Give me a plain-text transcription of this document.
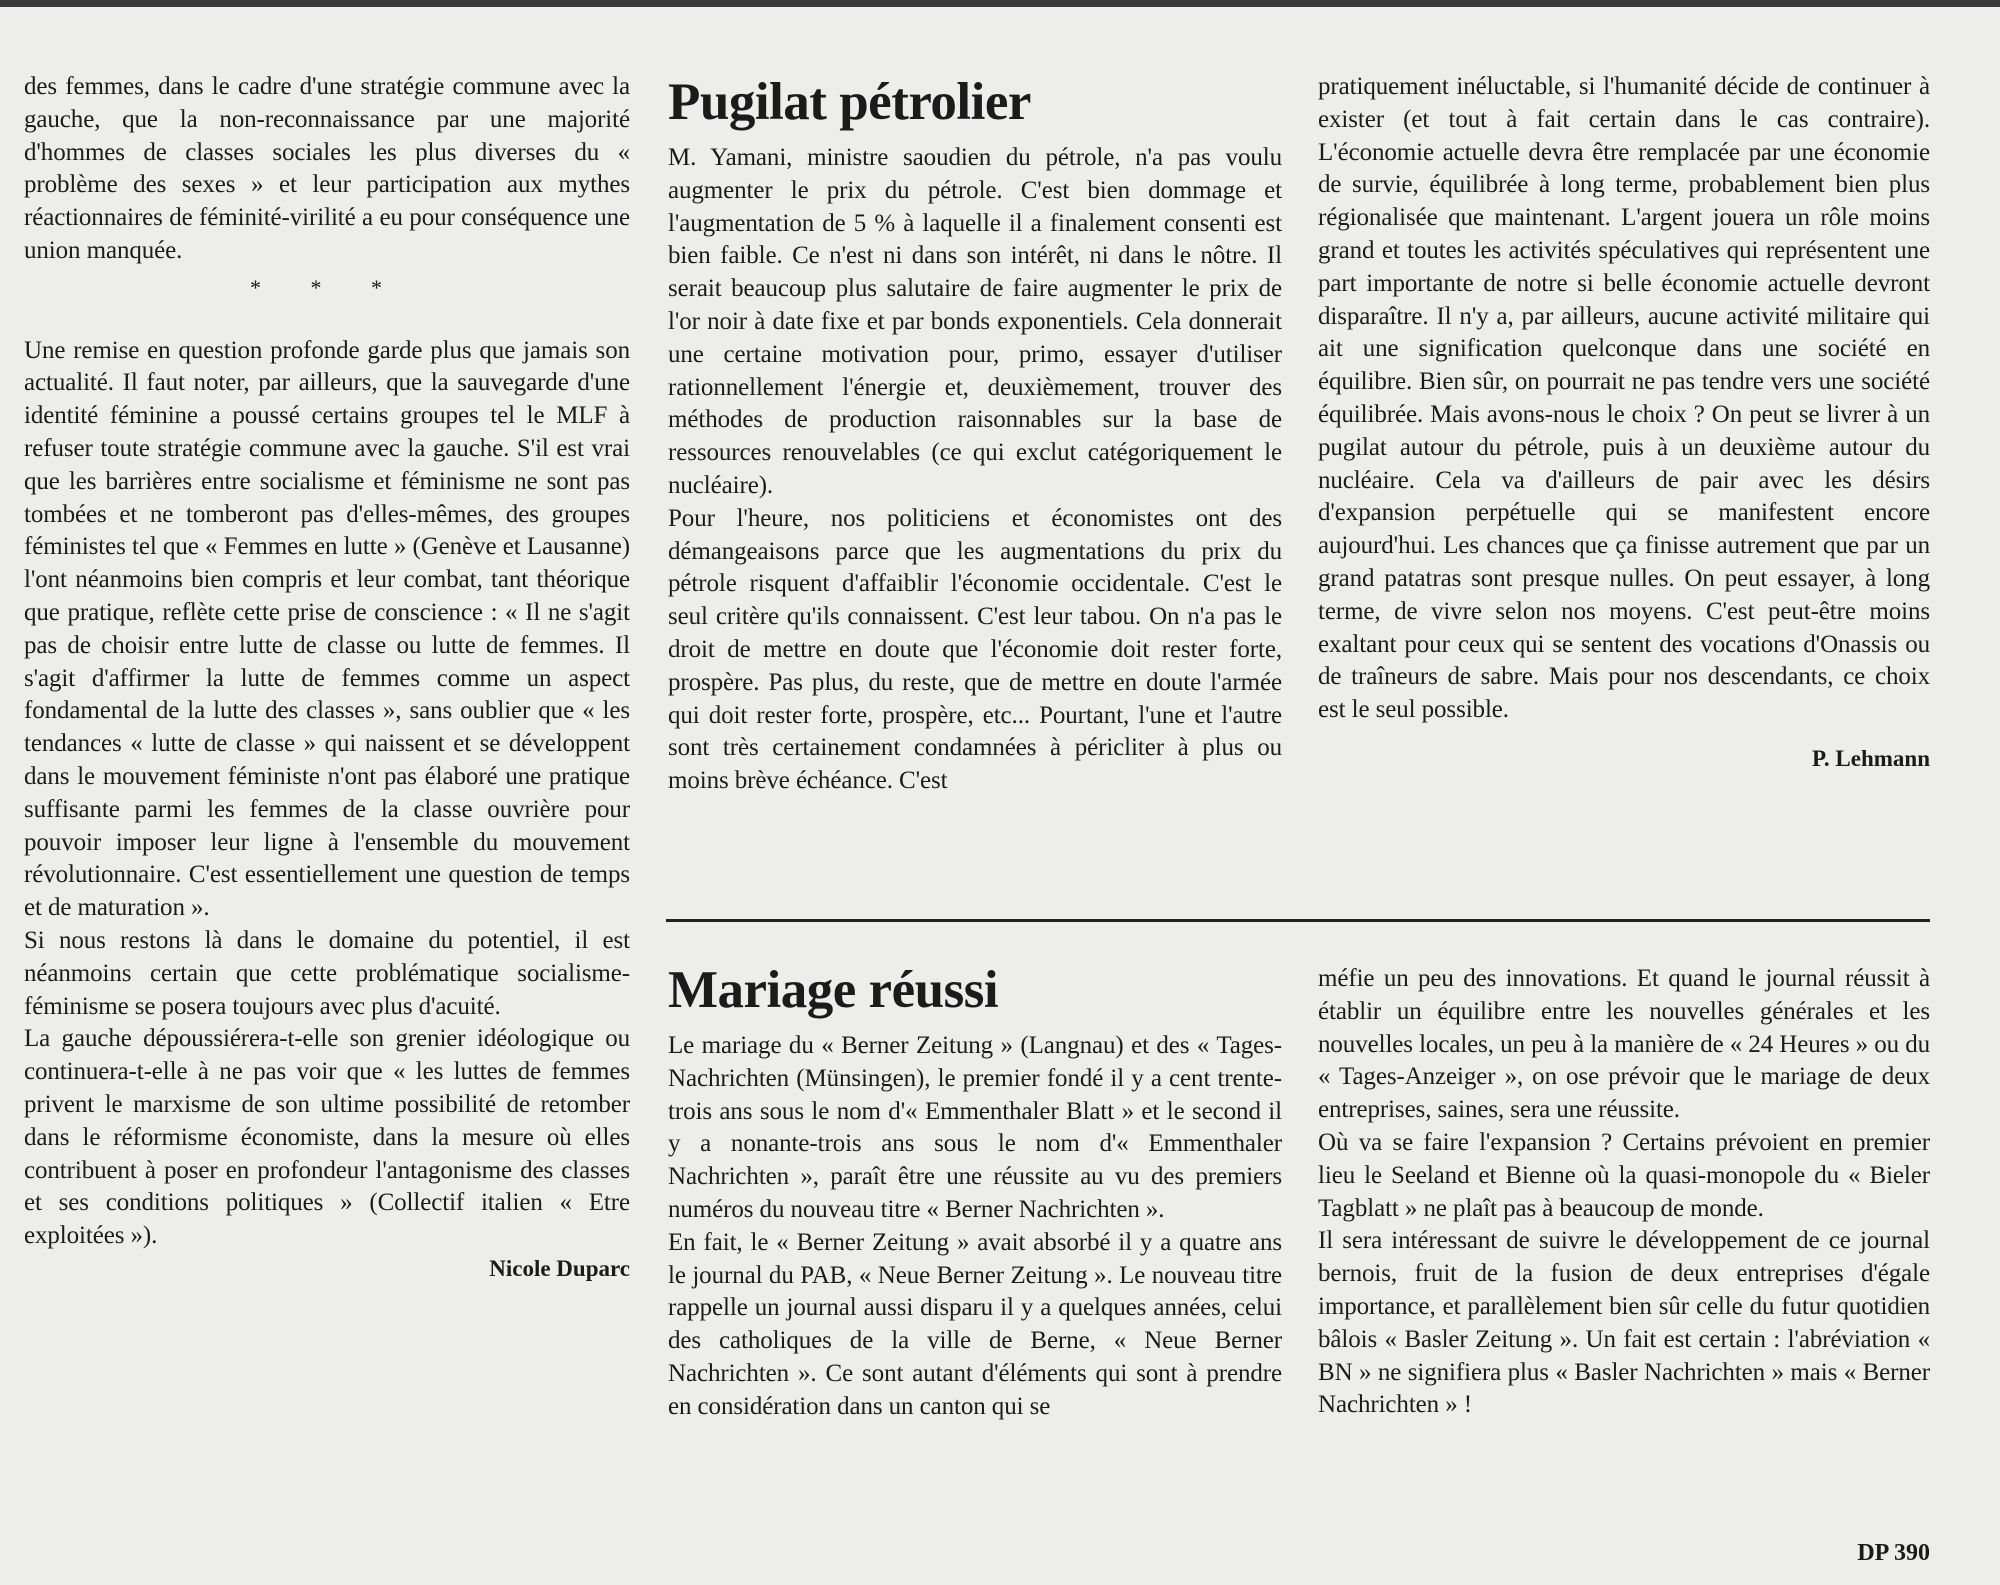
des femmes, dans le cadre d'une stratégie commune avec la gauche, que la non-reconnaissance par une majorité d'hommes de classes sociales les plus diverses du « problème des sexes » et leur participation aux mythes réactionnaires de féminité-virilité a eu pour conséquence une union manquée.

* * *

Une remise en question profonde garde plus que jamais son actualité. Il faut noter, par ailleurs, que la sauvegarde d'une identité féminine a poussé certains groupes tel le MLF à refuser toute stratégie commune avec la gauche. S'il est vrai que les barrières entre socialisme et féminisme ne sont pas tombées et ne tomberont pas d'elles-mêmes, des groupes féministes tel que « Femmes en lutte » (Genève et Lausanne) l'ont néanmoins bien compris et leur combat, tant théorique que pratique, reflète cette prise de conscience : « Il ne s'agit pas de choisir entre lutte de classe ou lutte de femmes. Il s'agit d'affirmer la lutte de femmes comme un aspect fondamental de la lutte des classes », sans oublier que « les tendances « lutte de classe » qui naissent et se développent dans le mouvement féministe n'ont pas élaboré une pratique suffisante parmi les femmes de la classe ouvrière pour pouvoir imposer leur ligne à l'ensemble du mouvement révolutionnaire. C'est essentiellement une question de temps et de maturation ».

Si nous restons là dans le domaine du potentiel, il est néanmoins certain que cette problématique socialisme-féminisme se posera toujours avec plus d'acuité.

La gauche dépoussiérera-t-elle son grenier idéologique ou continuera-t-elle à ne pas voir que « les luttes de femmes privent le marxisme de son ultime possibilité de retomber dans le réformisme économiste, dans la mesure où elles contribuent à poser en profondeur l'antagonisme des classes et ses conditions politiques » (Collectif italien « Etre exploitées »).

Nicole Duparc
Pugilat pétrolier

M. Yamani, ministre saoudien du pétrole, n'a pas voulu augmenter le prix du pétrole. C'est bien dommage et l'augmentation de 5 % à laquelle il a finalement consenti est bien faible. Ce n'est ni dans son intérêt, ni dans le nôtre. Il serait beaucoup plus salutaire de faire augmenter le prix de l'or noir à date fixe et par bonds exponentiels. Cela donnerait une certaine motivation pour, primo, essayer d'utiliser rationnellement l'énergie et, deuxièmement, trouver des méthodes de production raisonnables sur la base de ressources renouvelables (ce qui exclut catégoriquement le nucléaire).

Pour l'heure, nos politiciens et économistes ont des démangeaisons parce que les augmentations du prix du pétrole risquent d'affaiblir l'économie occidentale. C'est le seul critère qu'ils connaissent. C'est leur tabou. On n'a pas le droit de mettre en doute que l'économie doit rester forte, prospère. Pas plus, du reste, que de mettre en doute l'armée qui doit rester forte, prospère, etc... Pourtant, l'une et l'autre sont très certainement condamnées à péricliter à plus ou moins brève échéance. C'est

pratiquement inéluctable, si l'humanité décide de continuer à exister (et tout à fait certain dans le cas contraire). L'économie actuelle devra être remplacée par une économie de survie, équilibrée à long terme, probablement bien plus régionalisée que maintenant. L'argent jouera un rôle moins grand et toutes les activités spéculatives qui représentent une part importante de notre si belle économie actuelle devront disparaître. Il n'y a, par ailleurs, aucune activité militaire qui ait une signification quelconque dans une société en équilibre. Bien sûr, on pourrait ne pas tendre vers une société équilibrée. Mais avons-nous le choix ? On peut se livrer à un pugilat autour du pétrole, puis à un deuxième autour du nucléaire. Cela va d'ailleurs de pair avec les désirs d'expansion perpétuelle qui se manifestent encore aujourd'hui. Les chances que ça finisse autrement que par un grand patatras sont presque nulles. On peut essayer, à long terme, de vivre selon nos moyens. C'est peut-être moins exaltant pour ceux qui se sentent des vocations d'Onassis ou de traîneurs de sabre. Mais pour nos descendants, ce choix est le seul possible.

P. Lehmann
Mariage réussi

Le mariage du « Berner Zeitung » (Langnau) et des « Tages-Nachrichten (Münsingen), le premier fondé il y a cent trente-trois ans sous le nom d'« Emmenthaler Blatt » et le second il y a nonante-trois ans sous le nom d'« Emmenthaler Nachrichten », paraît être une réussite au vu des premiers numéros du nouveau titre « Berner Nachrichten ».

En fait, le « Berner Zeitung » avait absorbé il y a quatre ans le journal du PAB, « Neue Berner Zeitung ». Le nouveau titre rappelle un journal aussi disparu il y a quelques années, celui des catholiques de la ville de Berne, « Neue Berner Nachrichten ». Ce sont autant d'éléments qui sont à prendre en considération dans un canton qui se

méfie un peu des innovations. Et quand le journal réussit à établir un équilibre entre les nouvelles générales et les nouvelles locales, un peu à la manière de « 24 Heures » ou du « Tages-Anzeiger », on ose prévoir que le mariage de deux entreprises, saines, sera une réussite.

Où va se faire l'expansion ? Certains prévoient en premier lieu le Seeland et Bienne où la quasi-monopole du « Bieler Tagblatt » ne plaît pas à beaucoup de monde.

Il sera intéressant de suivre le développement de ce journal bernois, fruit de la fusion de deux entreprises d'égale importance, et parallèlement bien sûr celle du futur quotidien bâlois « Basler Zeitung ». Un fait est certain : l'abréviation « BN » ne signifiera plus « Basler Nachrichten » mais « Berner Nachrichten » !

DP 390
